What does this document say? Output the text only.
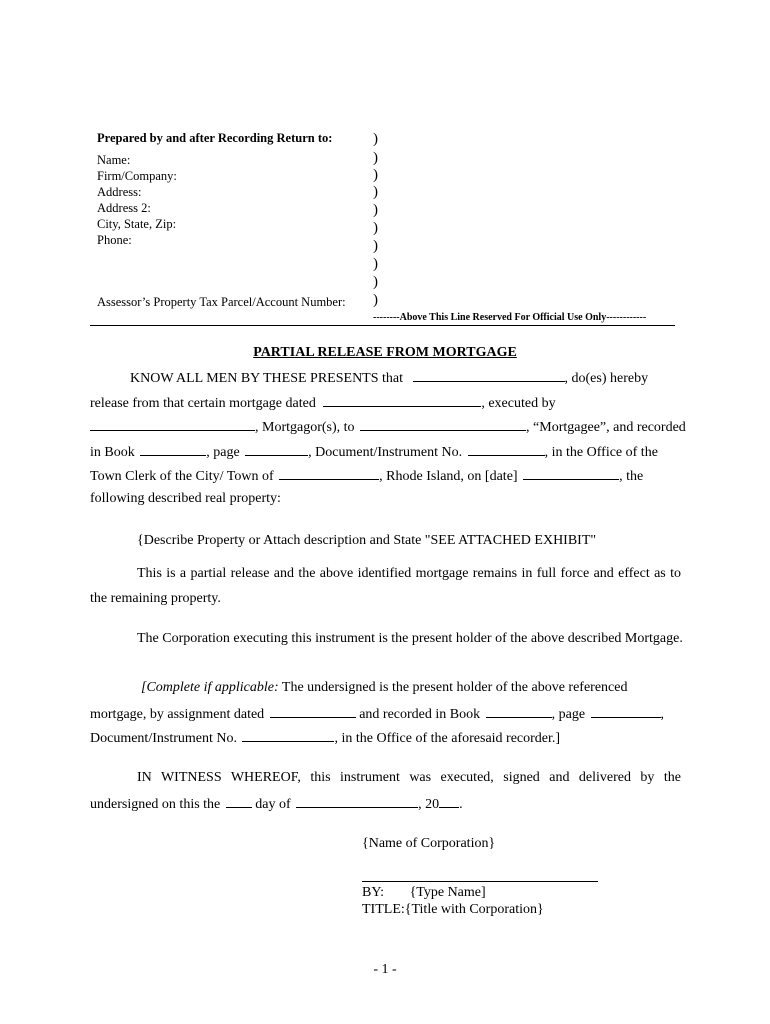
Prepared by and after Recording Return to:
Name:
Firm/Company:
Address:
Address 2:
City, State, Zip:
Phone:
Assessor’s Property Tax Parcel/Account Number:
)
)
)
)
)
)
)
)
)
)
--------Above This Line Reserved For Official Use Only------------
PARTIAL RELEASE FROM MORTGAGE
KNOW ALL MEN BY THESE PRESENTS that	, do(es) hereby
release from that certain mortgage dated	, executed by
, Mortgagor(s), to	, “Mortgagee”, and recorded
in Book	, page	, Document/Instrument No.	, in the Office of the
Town Clerk of the City/ Town of	, Rhode Island, on [date]	, the
following described real property:
{Describe Property or Attach description and State "SEE ATTACHED EXHIBIT"
This is a partial release and the above identified mortgage remains in full force and effect as to
the remaining property.
The Corporation executing this instrument is the present holder of the above described Mortgage.
[Complete if applicable: The undersigned is the present holder of the above referenced
mortgage, by assignment dated	and recorded in Book	, page	,
Document/Instrument No.	, in the Office of the aforesaid recorder.]
IN WITNESS WHEREOF, this instrument was executed, signed and delivered by the
undersigned on this the	day of	, 20 .
{Name of Corporation}
BY: {Type Name]
TITLE:{Title with Corporation}
- 1 -
